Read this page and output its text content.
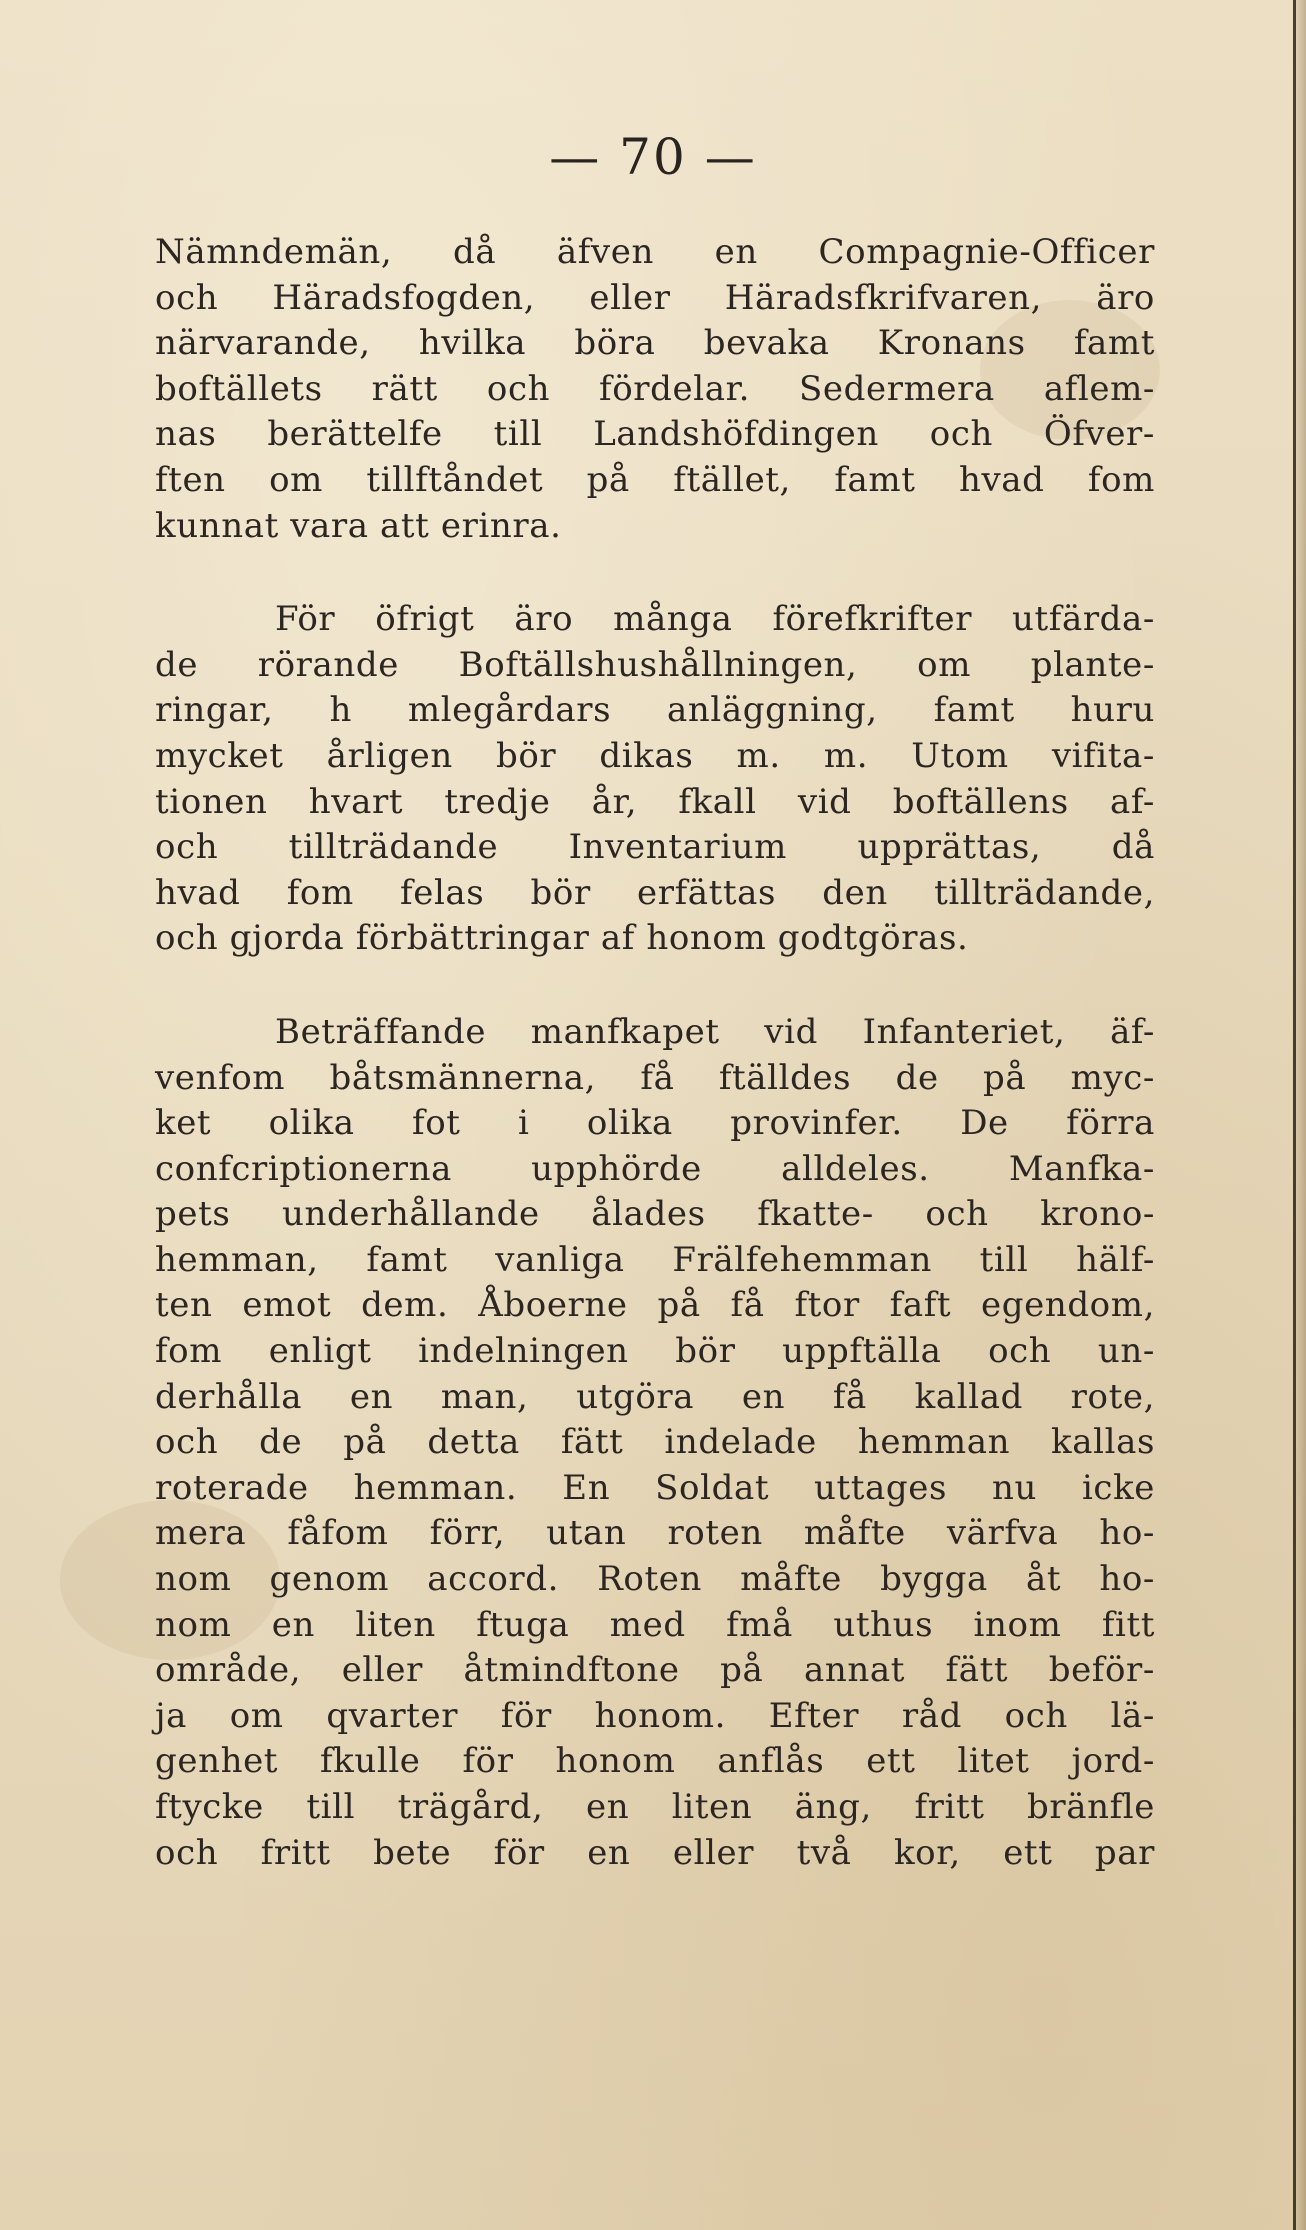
— 70 —
Nämndemän, då äfven en Compagnie-Officer
och Häradsfogden, eller Häradsfkrifvaren, äro
närvarande, hvilka böra bevaka Kronans famt
boftällets rätt och fördelar. Sedermera aflem-
nas berättelfe till Landshöfdingen och Öfver-
ften om tillftåndet på ftället, famt hvad fom
kunnat vara att erinra.
För öfrigt äro många förefkrifter utfärda-
de rörande Boftällshushållningen, om plante-
ringar, h mlegårdars anläggning, famt huru
mycket årligen bör dikas m. m. Utom vifita-
tionen hvart tredje år, fkall vid boftällens af-
och tillträdande Inventarium upprättas, då
hvad fom felas bör erfättas den tillträdande,
och gjorda förbättringar af honom godtgöras.
Beträffande manfkapet vid Infanteriet, äf-
venfom båtsmännerna, få ftälldes de på myc-
ket olika fot i olika provinfer. De förra
confcriptionerna upphörde alldeles. Manfka-
pets underhållande ålades fkatte- och krono-
hemman, famt vanliga Frälfehemman till hälf-
ten emot dem. Åboerne på få ftor faft egendom,
fom enligt indelningen bör uppftälla och un-
derhålla en man, utgöra en få kallad rote,
och de på detta fätt indelade hemman kallas
roterade hemman. En Soldat uttages nu icke
mera fåfom förr, utan roten måfte värfva ho-
nom genom accord. Roten måfte bygga åt ho-
nom en liten ftuga med fmå uthus inom fitt
område, eller åtmindftone på annat fätt beför-
ja om qvarter för honom. Efter råd och lä-
genhet fkulle för honom anflås ett litet jord-
ftycke till trägård, en liten äng, fritt bränfle
och fritt bete för en eller två kor, ett par
